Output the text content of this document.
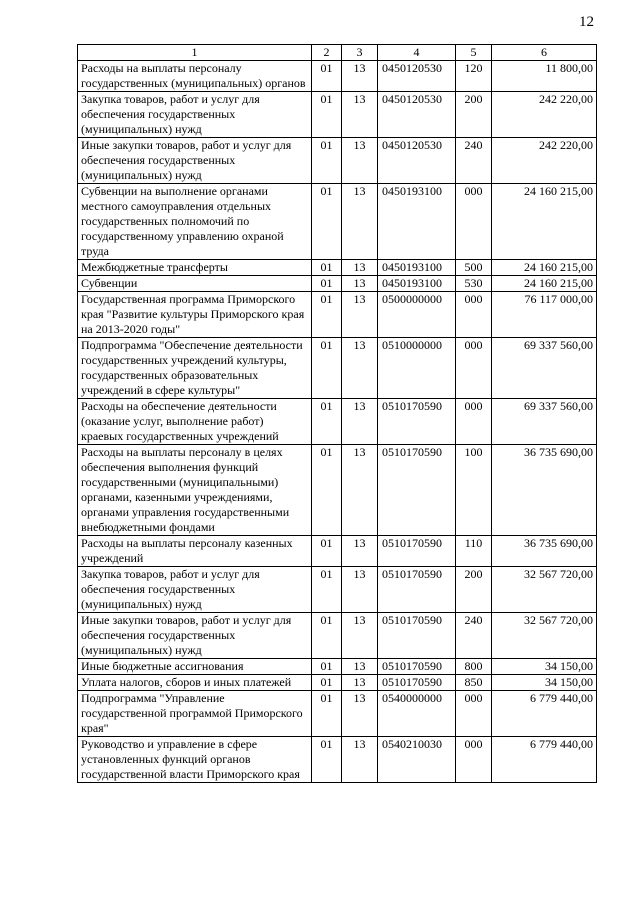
12
1	2	3	4	5	6
Расходы на выплаты персоналу государственных (муниципальных) органов	01	13	0450120530	120	11 800,00
Закупка товаров, работ и услуг для обеспечения государственных (муниципальных) нужд	01	13	0450120530	200	242 220,00
Иные закупки товаров, работ и услуг для обеспечения государственных (муниципальных) нужд	01	13	0450120530	240	242 220,00
Субвенции на выполнение органами местного самоуправления отдельных государственных полномочий по государственному управлению охраной труда	01	13	0450193100	000	24 160 215,00
Межбюджетные трансферты	01	13	0450193100	500	24 160 215,00
Субвенции	01	13	0450193100	530	24 160 215,00
Государственная программа Приморского края "Развитие культуры Приморского края на 2013-2020 годы"	01	13	0500000000	000	76 117 000,00
Подпрограмма "Обеспечение деятельности государственных учреждений культуры, государственных образовательных учреждений в сфере культуры"	01	13	0510000000	000	69 337 560,00
Расходы на обеспечение деятельности (оказание услуг, выполнение работ) краевых государственных учреждений	01	13	0510170590	000	69 337 560,00
Расходы на выплаты персоналу в целях обеспечения выполнения функций государственными (муниципальными) органами, казенными учреждениями, органами управления государственными внебюджетными фондами	01	13	0510170590	100	36 735 690,00
Расходы на выплаты персоналу казенных учреждений	01	13	0510170590	110	36 735 690,00
Закупка товаров, работ и услуг для обеспечения государственных (муниципальных) нужд	01	13	0510170590	200	32 567 720,00
Иные закупки товаров, работ и услуг для обеспечения государственных (муниципальных) нужд	01	13	0510170590	240	32 567 720,00
Иные бюджетные ассигнования	01	13	0510170590	800	34 150,00
Уплата налогов, сборов и иных платежей	01	13	0510170590	850	34 150,00
Подпрограмма "Управление государственной программой Приморского края"	01	13	0540000000	000	6 779 440,00
Руководство и управление в сфере установленных функций органов государственной власти Приморского края	01	13	0540210030	000	6 779 440,00
